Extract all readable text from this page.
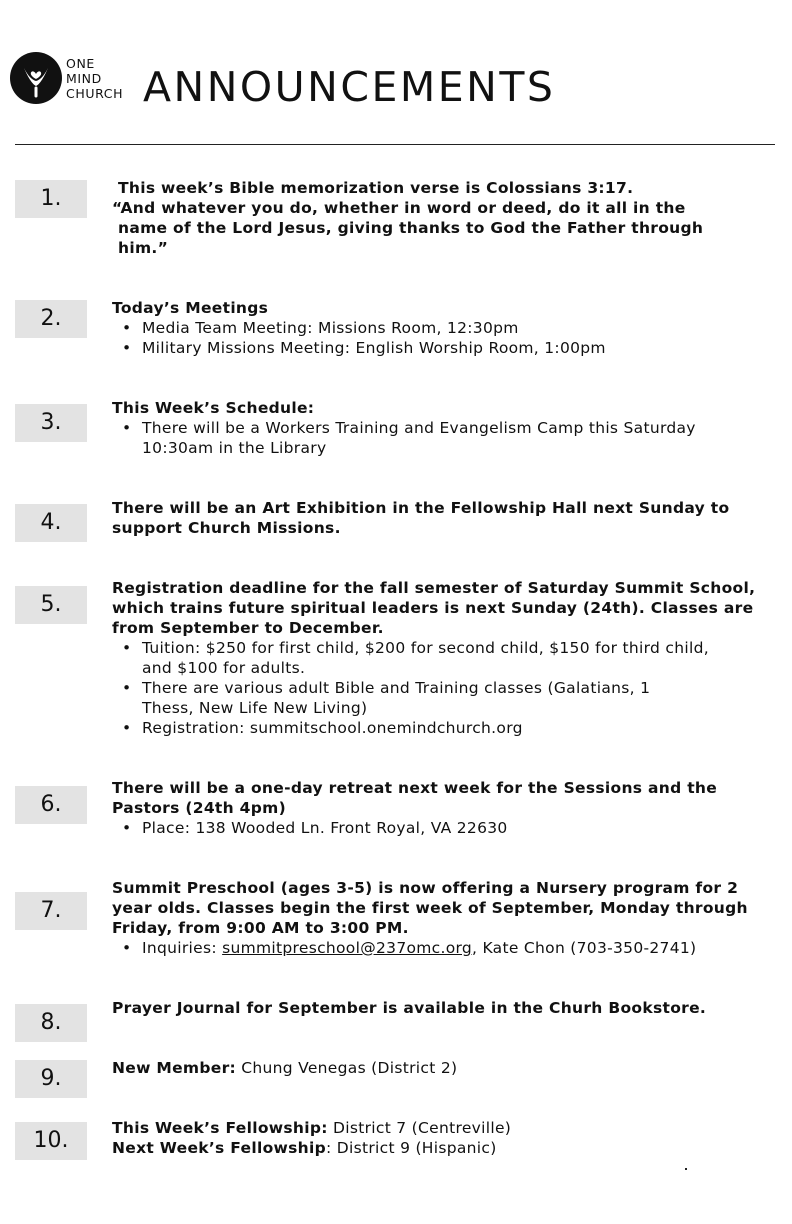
ONE
MIND
CHURCH ANNOUNCEMENTS
1.	This week’s Bible memorization verse is Colossians 3:17.
“And whatever you do, whether in word or deed, do it all in the
name of the Lord Jesus, giving thanks to God the Father through
him.”
2.	Today’s Meetings
• Media Team Meeting: Missions Room, 12:30pm
• Military Missions Meeting: English Worship Room, 1:00pm
3.
This Week’s Schedule:
• There will be a Workers Training and Evangelism Camp this Saturday 10:30am in the Library
4.
There will be an Art Exhibition in the Fellowship Hall next Sunday to support Church Missions.
5.
Registration deadline for the fall semester of Saturday Summit School, which trains future spiritual leaders is next Sunday (24th). Classes are from September to December.
• Tuition: $250 for first child, $200 for second child, $150 for third child, and $100 for adults.
• There are various adult Bible and Training classes (Galatians, 1 Thess, New Life New Living)
• Registration: summitschool.onemindchurch.org
6.
There will be a one-day retreat next week for the Sessions and the Pastors (24th 4pm)
• Place: 138 Wooded Ln. Front Royal, VA 22630
7.
Summit Preschool (ages 3-5) is now offering a Nursery program for 2 year olds. Classes begin the first week of September, Monday through Friday, from 9:00 AM to 3:00 PM.
• Inquiries: summitpreschool@237omc.org, Kate Chon (703-350-2741)
8.
Prayer Journal for September is available in the Churh Bookstore.
9.	New Member: Chung Venegas (District 2)
10.	This Week’s Fellowship: District 7 (Centreville)
Next Week’s Fellowship: District 9 (Hispanic)
